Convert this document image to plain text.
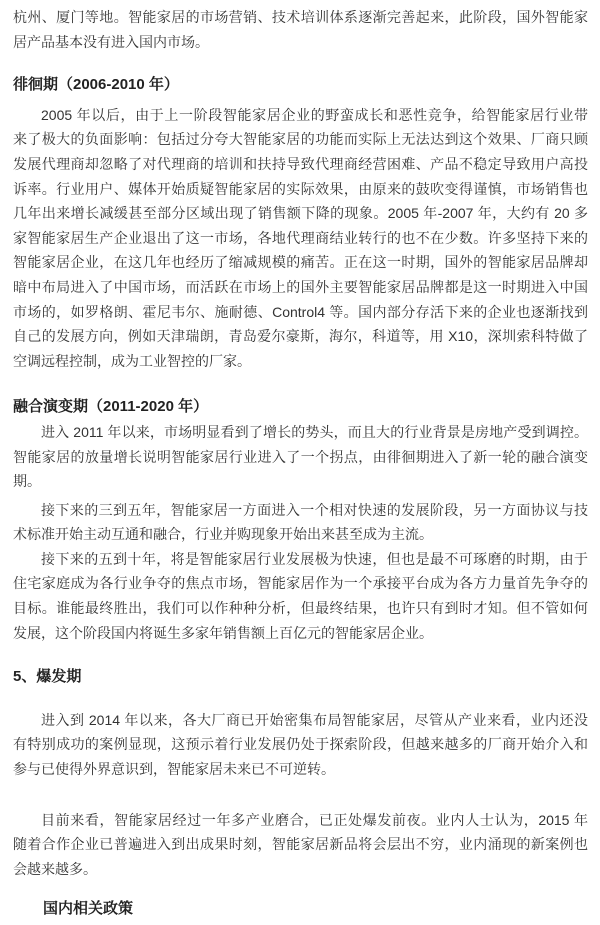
杭州、厦门等地。智能家居的市场营销、技术培训体系逐渐完善起来，此阶段，国外智能家
居产品基本没有进入国内市场。
徘徊期（2006-2010 年）
2005 年以后，由于上一阶段智能家居企业的野蛮成长和恶性竞争，给智能家居行业带
来了极大的负面影响：包括过分夸大智能家居的功能而实际上无法达到这个效果、厂商只顾
发展代理商却忽略了对代理商的培训和扶持导致代理商经营困难、产品不稳定导致用户高投
诉率。行业用户、媒体开始质疑智能家居的实际效果，由原来的鼓吹变得谨慎，市场销售也
几年出来增长减缓甚至部分区域出现了销售额下降的现象。2005 年-2007 年，大约有 20 多
家智能家居生产企业退出了这一市场，各地代理商结业转行的也不在少数。许多坚持下来的
智能家居企业，在这几年也经历了缩减规模的痛苦。正在这一时期，国外的智能家居品牌却
暗中布局进入了中国市场，而活跃在市场上的国外主要智能家居品牌都是这一时期进入中国
市场的，如罗格朗、霍尼韦尔、施耐德、Control4 等。国内部分存活下来的企业也逐渐找到
自己的发展方向，例如天津瑞朗，青岛爱尔豪斯，海尔，科道等，用 X10，深圳索科特做了
空调远程控制，成为工业智控的厂家。
融合演变期（2011-2020 年）
进入 2011 年以来，市场明显看到了增长的势头，而且大的行业背景是房地产受到调控。
智能家居的放量增长说明智能家居行业进入了一个拐点，由徘徊期进入了新一轮的融合演变
期。
接下来的三到五年，智能家居一方面进入一个相对快速的发展阶段，另一方面协议与技
术标准开始主动互通和融合，行业并购现象开始出来甚至成为主流。
接下来的五到十年，将是智能家居行业发展极为快速，但也是最不可琢磨的时期，由于
住宅家庭成为各行业争夺的焦点市场，智能家居作为一个承接平台成为各方力量首先争夺的
目标。谁能最终胜出，我们可以作种种分析，但最终结果，也许只有到时才知。但不管如何
发展，这个阶段国内将诞生多家年销售额上百亿元的智能家居企业。
5、爆发期
进入到 2014 年以来，各大厂商已开始密集布局智能家居，尽管从产业来看，业内还没
有特别成功的案例显现，这预示着行业发展仍处于探索阶段，但越来越多的厂商开始介入和
参与已使得外界意识到，智能家居未来已不可逆转。
目前来看，智能家居经过一年多产业磨合，已正处爆发前夜。业内人士认为，2015 年
随着合作企业已普遍进入到出成果时刻，智能家居新品将会层出不穷，业内涌现的新案例也
会越来越多。
国内相关政策
